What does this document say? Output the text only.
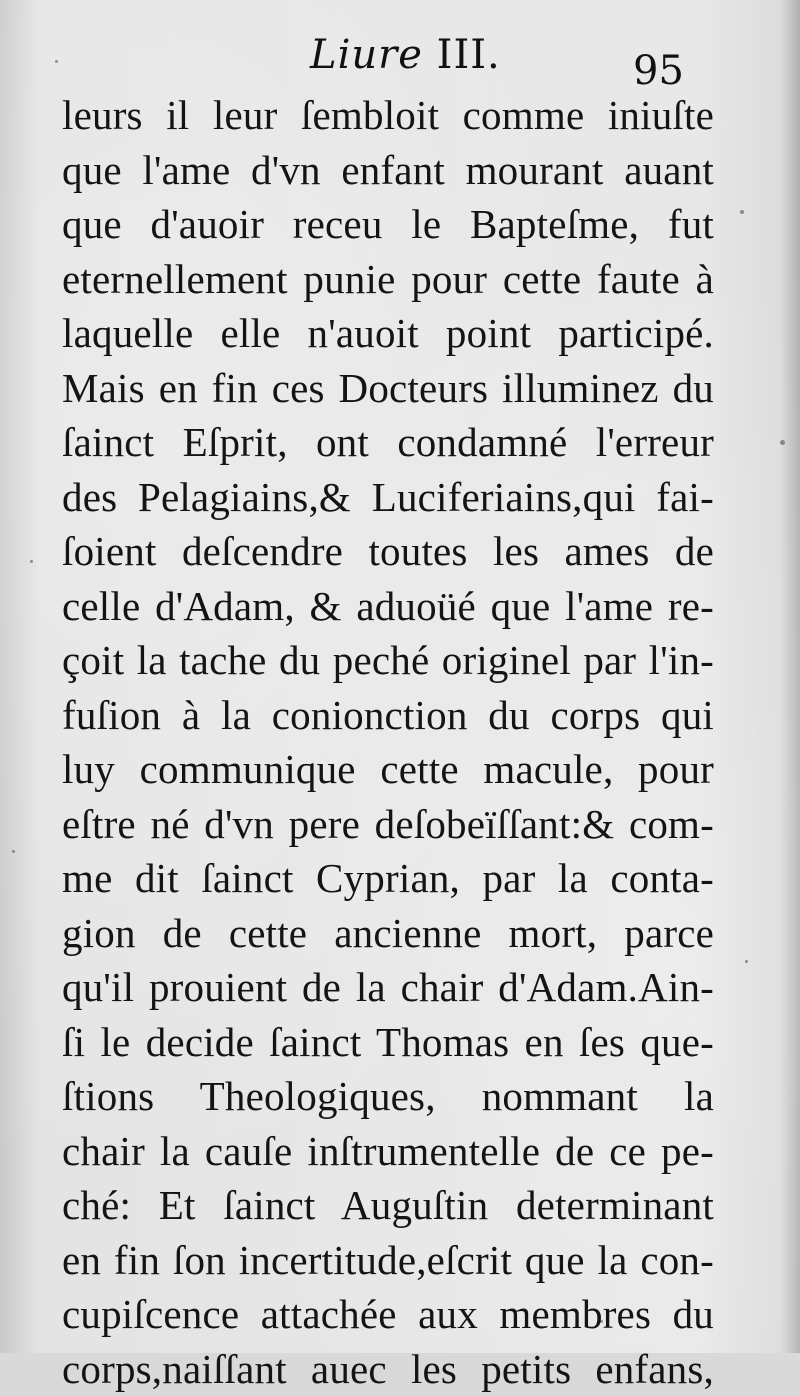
Liure III.	95
leurs il leur ſembloit comme iniuſte
que l'ame d'vn enfant mourant auant
que d'auoir receu le Bapteſme, fut
eternellement punie pour cette faute à
laquelle elle n'auoit point participé.
Mais en fin ces Docteurs illuminez du
ſainct Eſprit, ont condamné l'erreur
des Pelagiains,& Luciferiains,qui fai-
ſoient deſcendre toutes les ames de
celle d'Adam, & aduoüé que l'ame re-
çoit la tache du peché originel par l'in-
fuſion à la conionction du corps qui
luy communique cette macule, pour
eſtre né d'vn pere deſobeïſſant:& com-
me dit ſainct Cyprian, par la conta-
gion de cette ancienne mort, parce
qu'il prouient de la chair d'Adam.Ain-
ſi le decide ſainct Thomas en ſes que-
ſtions Theologiques, nommant la
chair la cauſe inſtrumentelle de ce pe-
ché: Et ſainct Auguſtin determinant
en fin ſon incertitude,eſcrit que la con-
cupiſcence attachée aux membres du
corps,naiſſant auec les petits enfans,
